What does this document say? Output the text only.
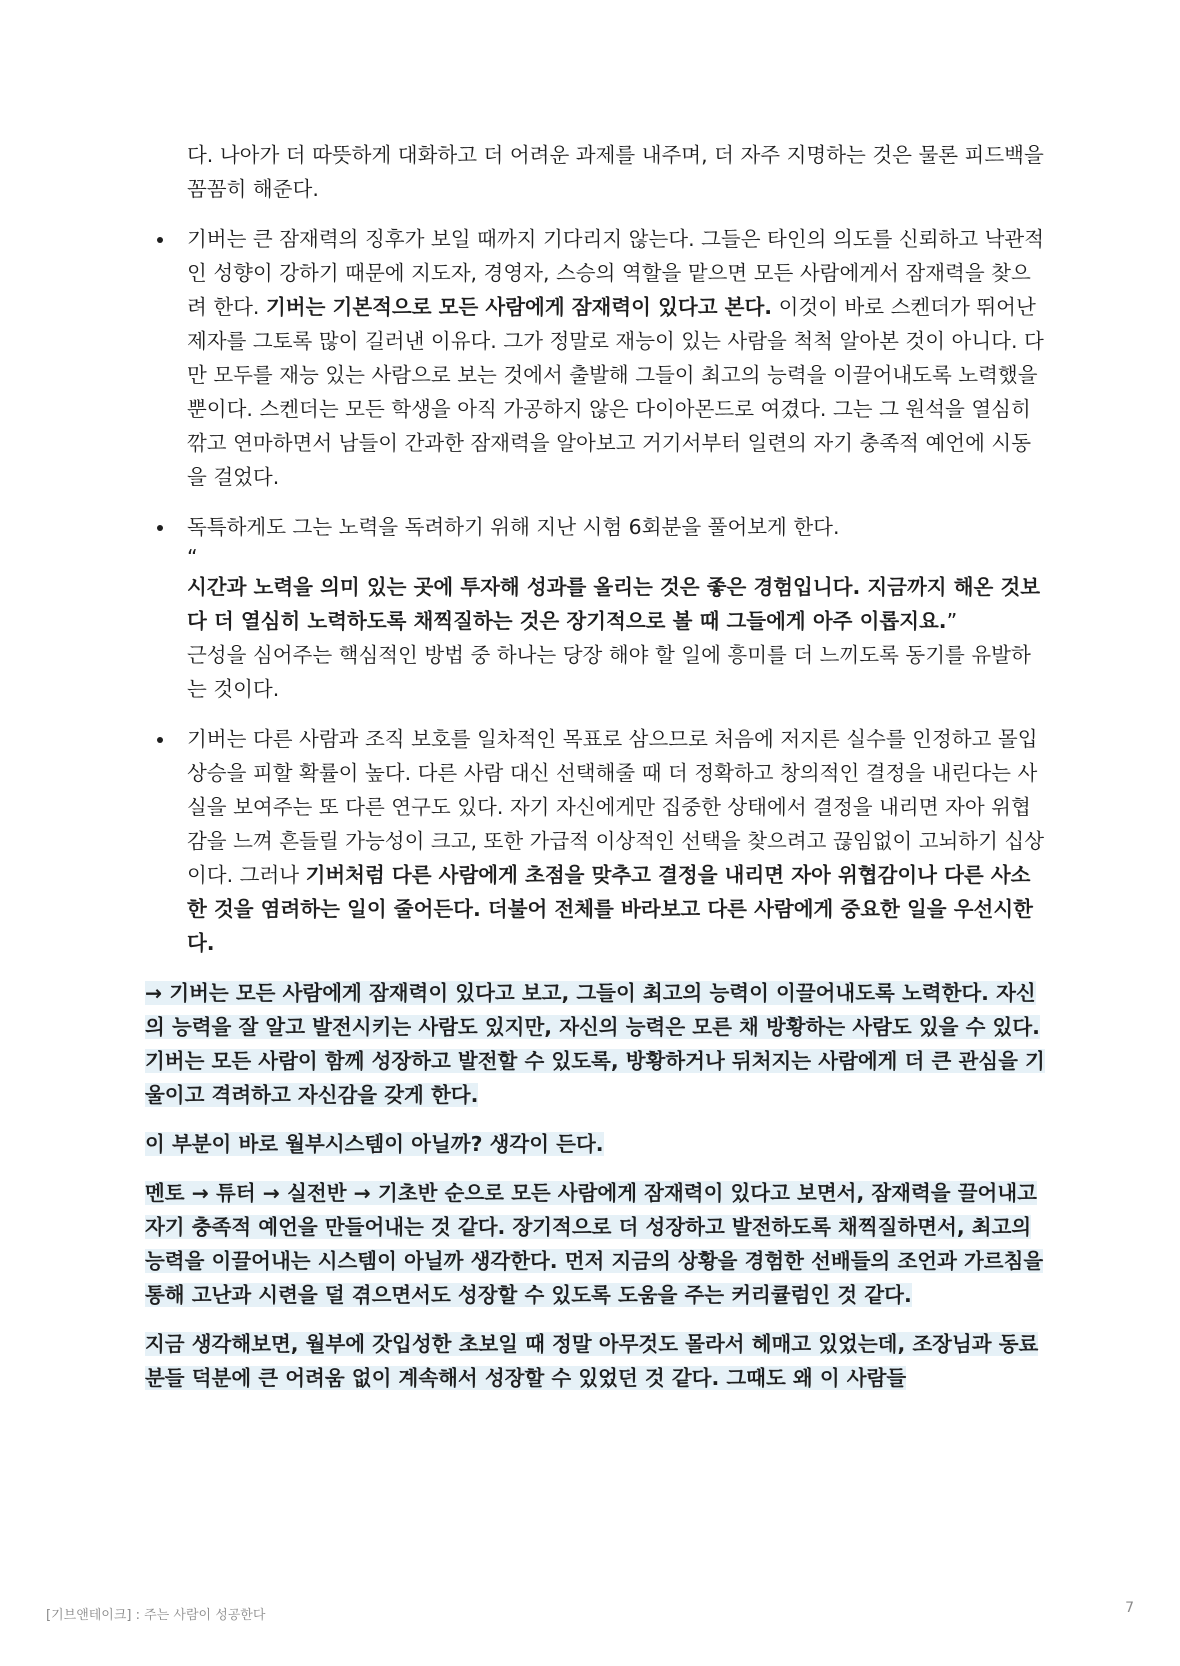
다. 나아가 더 따뜻하게 대화하고 더 어려운 과제를 내주며, 더 자주 지명하는 것은 물론 피드백을 꼼꼼히 해준다.

기버는 큰 잠재력의 징후가 보일 때까지 기다리지 않는다. 그들은 타인의 의도를 신뢰하고 낙관적인 성향이 강하기 때문에 지도자, 경영자, 스승의 역할을 맡으면 모든 사람에게서 잠재력을 찾으려 한다. 기버는 기본적으로 모든 사람에게 잠재력이 있다고 본다. 이것이 바로 스켄더가 뛰어난 제자를 그토록 많이 길러낸 이유다. 그가 정말로 재능이 있는 사람을 척척 알아본 것이 아니다. 다만 모두를 재능 있는 사람으로 보는 것에서 출발해 그들이 최고의 능력을 이끌어내도록 노력했을 뿐이다. 스켄더는 모든 학생을 아직 가공하지 않은 다이아몬드로 여겼다. 그는 그 원석을 열심히 깎고 연마하면서 남들이 간과한 잠재력을 알아보고 거기서부터 일련의 자기 충족적 예언에 시동을 걸었다.

독특하게도 그는 노력을 독려하기 위해 지난 시험 6회분을 풀어보게 한다.

“

시간과 노력을 의미 있는 곳에 투자해 성과를 올리는 것은 좋은 경험입니다. 지금까지 해온 것보다 더 열심히 노력하도록 채찍질하는 것은 장기적으로 볼 때 그들에게 아주 이롭지요.”

근성을 심어주는 핵심적인 방법 중 하나는 당장 해야 할 일에 흥미를 더 느끼도록 동기를 유발하는 것이다.

기버는 다른 사람과 조직 보호를 일차적인 목표로 삼으므로 처음에 저지른 실수를 인정하고 몰입 상승을 피할 확률이 높다. 다른 사람 대신 선택해줄 때 더 정확하고 창의적인 결정을 내린다는 사실을 보여주는 또 다른 연구도 있다. 자기 자신에게만 집중한 상태에서 결정을 내리면 자아 위협감을 느껴 흔들릴 가능성이 크고, 또한 가급적 이상적인 선택을 찾으려고 끊임없이 고뇌하기 십상이다. 그러나 기버처럼 다른 사람에게 초점을 맞추고 결정을 내리면 자아 위협감이나 다른 사소한 것을 염려하는 일이 줄어든다. 더불어 전체를 바라보고 다른 사람에게 중요한 일을 우선시한다.

→ 기버는 모든 사람에게 잠재력이 있다고 보고, 그들이 최고의 능력이 이끌어내도록 노력한다. 자신의 능력을 잘 알고 발전시키는 사람도 있지만, 자신의 능력은 모른 채 방황하는 사람도 있을 수 있다. 기버는 모든 사람이 함께 성장하고 발전할 수 있도록, 방황하거나 뒤처지는 사람에게 더 큰 관심을 기울이고 격려하고 자신감을 갖게 한다.
이 부분이 바로 월부시스템이 아닐까? 생각이 든다.
멘토 → 튜터 → 실전반 → 기초반 순으로 모든 사람에게 잠재력이 있다고 보면서, 잠재력을 끌어내고 자기 충족적 예언을 만들어내는 것 같다. 장기적으로 더 성장하고 발전하도록 채찍질하면서, 최고의 능력을 이끌어내는 시스템이 아닐까 생각한다. 먼저 지금의 상황을 경험한 선배들의 조언과 가르침을 통해 고난과 시련을 덜 겪으면서도 성장할 수 있도록 도움을 주는 커리큘럼인 것 같다.
지금 생각해보면, 월부에 갓입성한 초보일 때 정말 아무것도 몰라서 헤매고 있었는데, 조장님과 동료분들 덕분에 큰 어려움 없이 계속해서 성장할 수 있었던 것 같다. 그때도 왜 이 사람들
[기브앤테이크] : 주는 사람이 성공한다	7
